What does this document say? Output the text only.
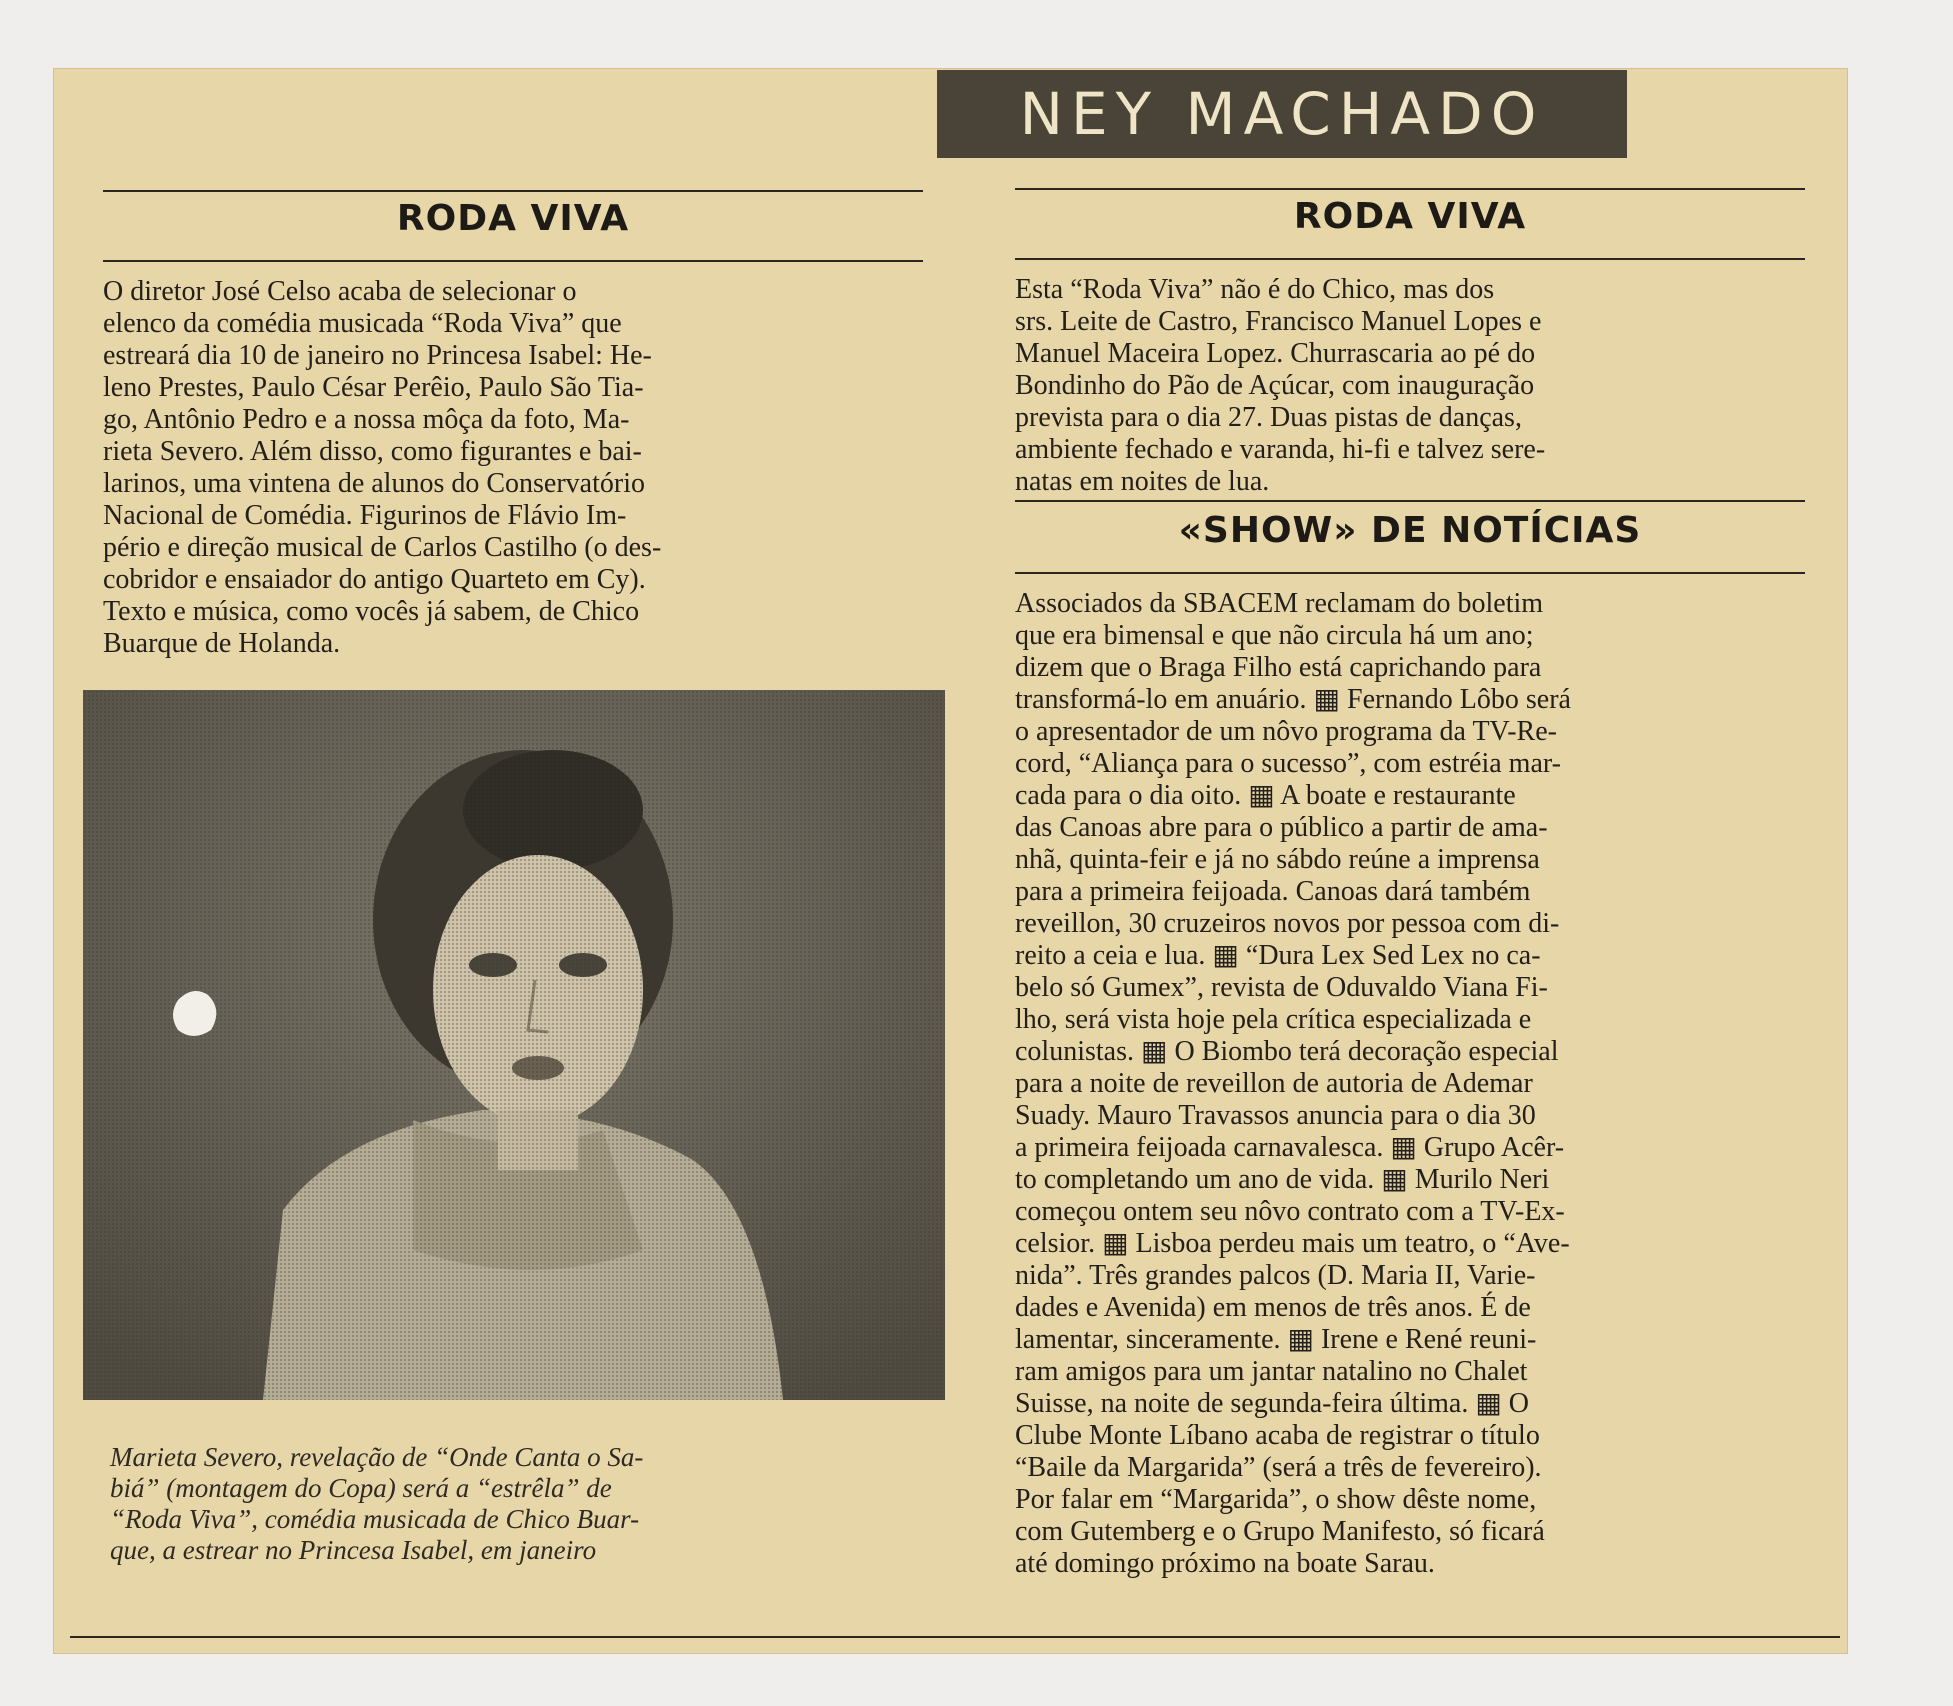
NEY MACHADO
RODA VIVA
O diretor José Celso acaba de selecionar o
elenco da comédia musicada “Roda Viva” que
estreará dia 10 de janeiro no Princesa Isabel: He-
leno Prestes, Paulo César Perêio, Paulo São Tia-
go, Antônio Pedro e a nossa môça da foto, Ma-
rieta Severo. Além disso, como figurantes e bai-
larinos, uma vintena de alunos do Conservatório
Nacional de Comédia. Figurinos de Flávio Im-
pério e direção musical de Carlos Castilho (o des-
cobridor e ensaiador do antigo Quarteto em Cy).
Texto e música, como vocês já sabem, de Chico
Buarque de Holanda.
Marieta Severo, revelação de “Onde Canta o Sa-
biá” (montagem do Copa) será a “estrêla” de
“Roda Viva”, comédia musicada de Chico Buar-
que, a estrear no Princesa Isabel, em janeiro
RODA VIVA
Esta “Roda Viva” não é do Chico, mas dos
srs. Leite de Castro, Francisco Manuel Lopes e
Manuel Maceira Lopez. Churrascaria ao pé do
Bondinho do Pão de Açúcar, com inauguração
prevista para o dia 27. Duas pistas de danças,
ambiente fechado e varanda, hi-fi e talvez sere-
natas em noites de lua.
«SHOW» DE NOTÍCIAS
Associados da SBACEM reclamam do boletim
que era bimensal e que não circula há um ano;
dizem que o Braga Filho está caprichando para
transformá-lo em anuário. ▦ Fernando Lôbo será
o apresentador de um nôvo programa da TV-Re-
cord, “Aliança para o sucesso”, com estréia mar-
cada para o dia oito. ▦ A boate e restaurante
das Canoas abre para o público a partir de ama-
nhã, quinta-feir e já no sábdo reúne a imprensa
para a primeira feijoada. Canoas dará também
reveillon, 30 cruzeiros novos por pessoa com di-
reito a ceia e lua. ▦ “Dura Lex Sed Lex no ca-
belo só Gumex”, revista de Oduvaldo Viana Fi-
lho, será vista hoje pela crítica especializada e
colunistas. ▦ O Biombo terá decoração especial
para a noite de reveillon de autoria de Ademar
Suady. Mauro Travassos anuncia para o dia 30
a primeira feijoada carnavalesca. ▦ Grupo Acêr-
to completando um ano de vida. ▦ Murilo Neri
começou ontem seu nôvo contrato com a TV-Ex-
celsior. ▦ Lisboa perdeu mais um teatro, o “Ave-
nida”. Três grandes palcos (D. Maria II, Varie-
dades e Avenida) em menos de três anos. É de
lamentar, sinceramente. ▦ Irene e René reuni-
ram amigos para um jantar natalino no Chalet
Suisse, na noite de segunda-feira última. ▦ O
Clube Monte Líbano acaba de registrar o título
“Baile da Margarida” (será a três de fevereiro).
Por falar em “Margarida”, o show dêste nome,
com Gutemberg e o Grupo Manifesto, só ficará
até domingo próximo na boate Sarau.
